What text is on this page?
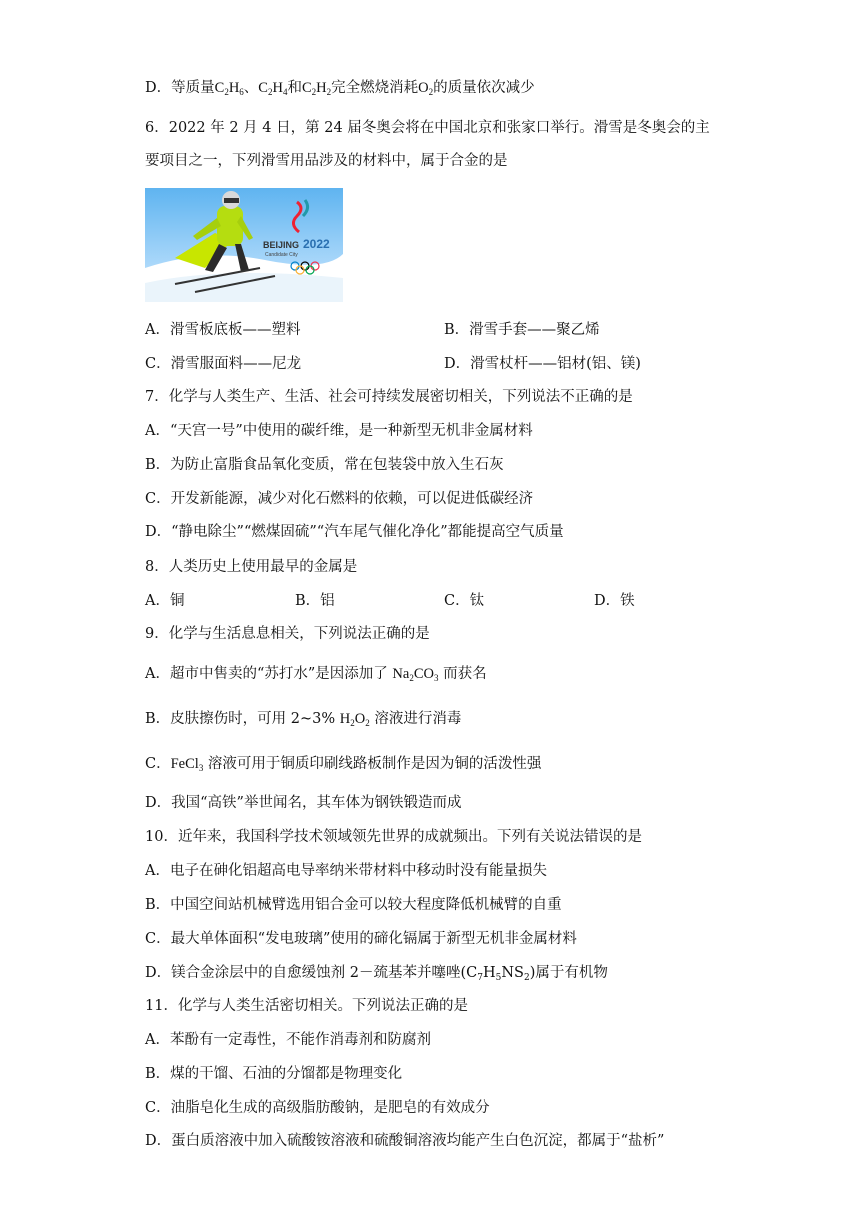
D．等质量$C_2H_6$、$C_2H_4$和$C_2H_2$完全燃烧消耗$O_2$的质量依次减少
6．2022 年 2 月 4 日，第 24 届冬奥会将在中国北京和张家口举行。滑雪是冬奥会的主
要项目之一，下列滑雪用品涉及的材料中，属于合金的是
BEIJING 2022
Candidate City
A．滑雪板底板——塑料	B．滑雪手套——聚乙烯
C．滑雪服面料——尼龙	D．滑雪杖杆——铝材(铝、镁)
7．化学与人类生产、生活、社会可持续发展密切相关，下列说法不正确的是
A．“天宫一号”中使用的碳纤维，是一种新型无机非金属材料
B．为防止富脂食品氧化变质，常在包装袋中放入生石灰
C．开发新能源，减少对化石燃料的依赖，可以促进低碳经济
D．“静电除尘”“燃煤固硫”“汽车尾气催化净化”都能提高空气质量
8．人类历史上使用最早的金属是
A．铜	B．铝	C．钛	D．铁
9．化学与生活息息相关，下列说法正确的是
A．超市中售卖的“苏打水”是因添加了 $Na_2CO_3$ 而获名
B．皮肤擦伤时，可用 2~3% $H_2O_2$ 溶液进行消毒
C．FeCl$_3$ 溶液可用于铜质印刷线路板制作是因为铜的活泼性强
D．我国“高铁”举世闻名，其车体为钢铁锻造而成
10．近年来，我国科学技术领域领先世界的成就频出。下列有关说法错误的是
A．电子在砷化铝超高电导率纳米带材料中移动时没有能量损失
B．中国空间站机械臂选用铝合金可以较大程度降低机械臂的自重
C．最大单体面积“发电玻璃”使用的碲化镉属于新型无机非金属材料
D．镁合金涂层中的自愈缓蚀剂 2－巯基苯并噻唑$(C_7H_5NS_2)$属于有机物
11．化学与人类生活密切相关。下列说法正确的是
A．苯酚有一定毒性，不能作消毒剂和防腐剂
B．煤的干馏、石油的分馏都是物理变化
C．油脂皂化生成的高级脂肪酸钠，是肥皂的有效成分
D．蛋白质溶液中加入硫酸铵溶液和硫酸铜溶液均能产生白色沉淀，都属于“盐析”
